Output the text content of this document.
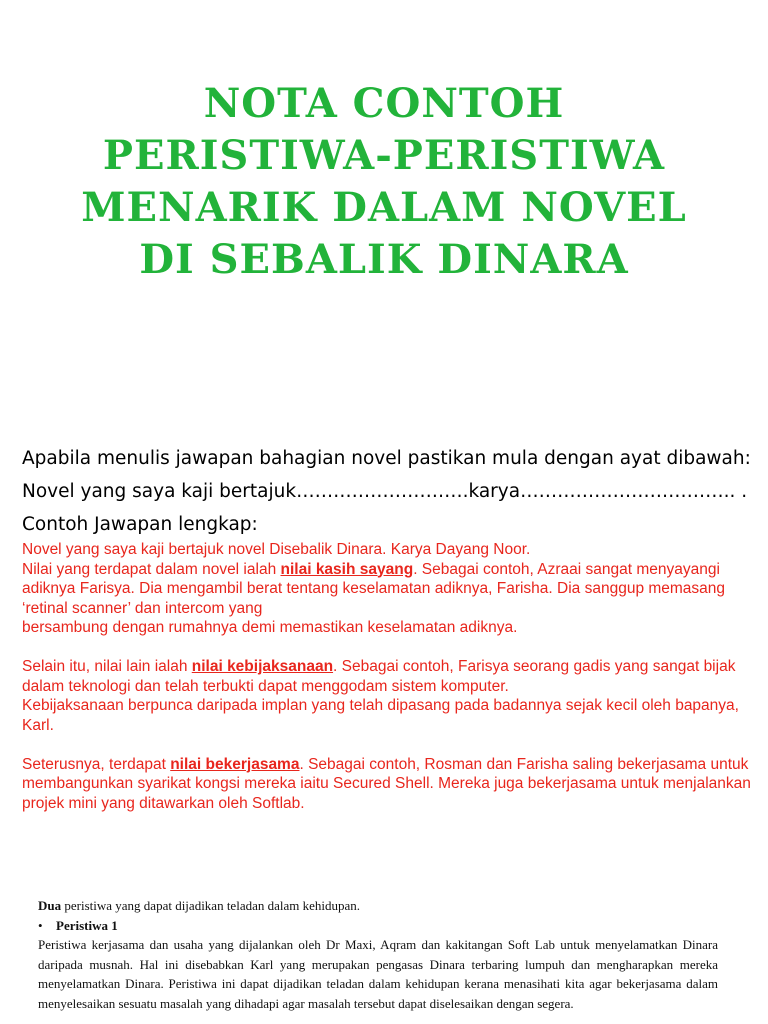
NOTA CONTOH
PERISTIWA-PERISTIWA
MENARIK DALAM NOVEL
DI SEBALIK DINARA

Apabila menulis jawapan bahagian novel pastikan mula dengan ayat dibawah:

Novel yang saya kaji bertajuk……………………….karya…………………………….. .

Contoh Jawapan lengkap:

Novel yang saya kaji bertajuk novel Disebalik Dinara. Karya Dayang Noor.

Nilai yang terdapat dalam novel ialah nilai kasih sayang. Sebagai contoh, Azraai sangat menyayangi adiknya Farisya. Dia mengambil berat tentang keselamatan adiknya, Farisha. Dia sanggup memasang ‘retinal scanner’ dan intercom yang

bersambung dengan rumahnya demi memastikan keselamatan adiknya.

Selain itu, nilai lain ialah nilai kebijaksanaan. Sebagai contoh, Farisya seorang gadis yang sangat bijak dalam teknologi dan telah terbukti dapat menggodam sistem komputer.

Kebijaksanaan berpunca daripada implan yang telah dipasang pada badannya sejak kecil oleh bapanya, Karl.

Seterusnya, terdapat nilai bekerjasama. Sebagai contoh, Rosman dan Farisha saling bekerjasama untuk membangunkan syarikat kongsi mereka iaitu Secured Shell. Mereka juga bekerjasama untuk menjalankan projek mini yang ditawarkan oleh Softlab.

Dua peristiwa yang dapat dijadikan teladan dalam kehidupan.

• Peristiwa 1

Peristiwa kerjasama dan usaha yang dijalankan oleh Dr Maxi, Aqram dan kakitangan Soft Lab untuk menyelamatkan Dinara daripada musnah. Hal ini disebabkan Karl yang merupakan pengasas Dinara terbaring lumpuh dan mengharapkan mereka menyelamatkan Dinara. Peristiwa ini dapat dijadikan teladan dalam kehidupan kerana menasihati kita agar bekerjasama dalam menyelesaikan sesuatu masalah yang dihadapi agar masalah tersebut dapat diselesaikan dengan segera.
